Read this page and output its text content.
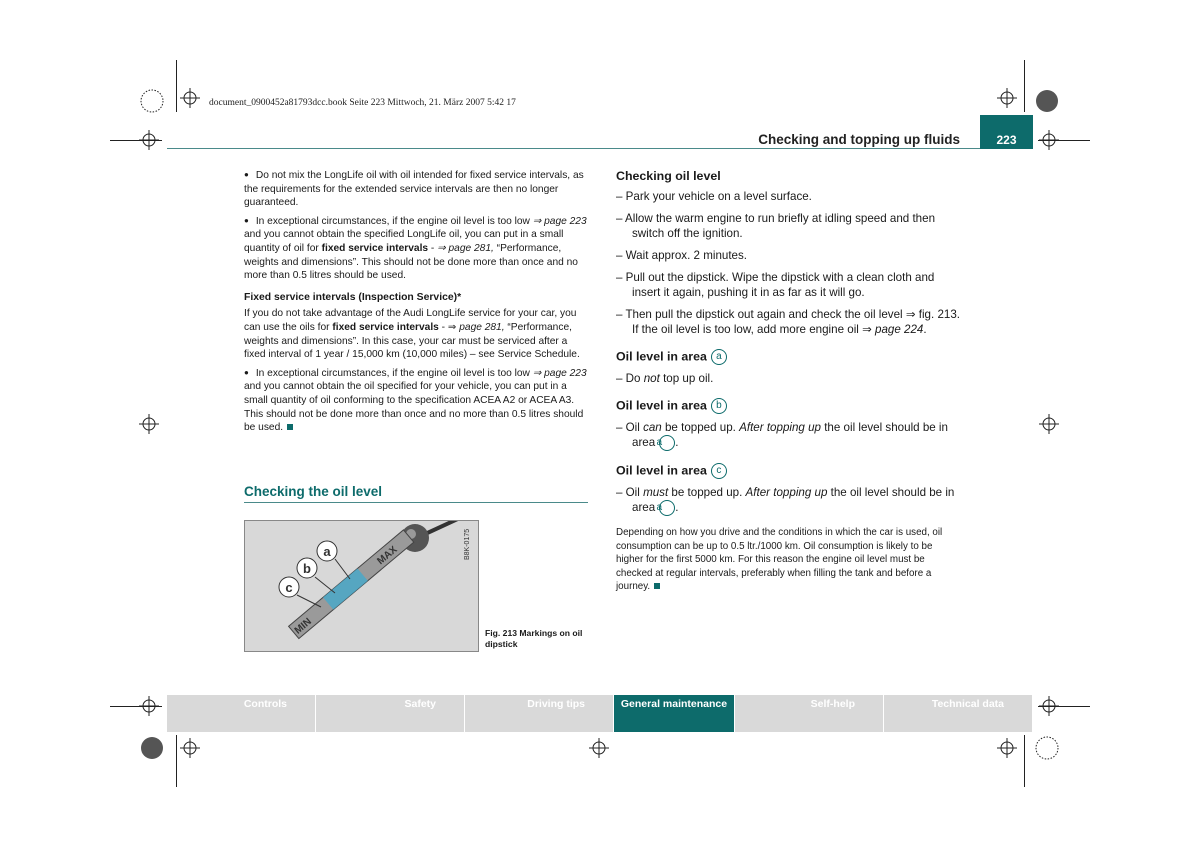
document_0900452a81793dcc.book Seite 223 Mittwoch, 21. März 2007 5:42 17
Checking and topping up fluids	223

● Do not mix the LongLife oil with oil intended for fixed service intervals, as the requirements for the extended service intervals are then no longer guaranteed.

● In exceptional circumstances, if the engine oil level is too low ⇒ page 223 and you cannot obtain the specified LongLife oil, you can put in a small quantity of oil for fixed service intervals - ⇒ page 281, “Performance, weights and dimensions”. This should not be done more than once and no more than 0.5 litres should be used.

Fixed service intervals (Inspection Service)*

If you do not take advantage of the Audi LongLife service for your car, you can use the oils for fixed service intervals - ⇒ page 281, “Performance, weights and dimensions”. In this case, your car must be serviced after a fixed interval of 1 year / 15,000 km (10,000 miles) – see Service Schedule.

● In exceptional circumstances, if the engine oil level is too low ⇒ page 223 and you cannot obtain the oil specified for your vehicle, you can put in a small quantity of oil conforming to the specification ACEA A2 or ACEA A3. This should not be done more than once and no more than 0.5 litres should be used.

Checking the oil level
MAX
MIN
a
b
c
B8K-0175
Fig. 213 Markings on oil dipstick
Checking oil level
– Park your vehicle on a level surface.
– Allow the warm engine to run briefly at idling speed and then switch off the ignition.
– Wait approx. 2 minutes.
– Pull out the dipstick. Wipe the dipstick with a clean cloth and insert it again, pushing it in as far as it will go.
– Then pull the dipstick out again and check the oil level ⇒ fig. 213. If the oil level is too low, add more engine oil ⇒ page 224.
Oil level in area a
– Do not top up oil.
Oil level in area b
– Oil can be topped up. After topping up the oil level should be in areaa .
Oil level in area c
– Oil must be topped up. After topping up the oil level should be in areaa .
Depending on how you drive and the conditions in which the car is used, oil consumption can be up to 0.5 ltr./1000 km. Oil consumption is likely to be higher for the first 5000 km. For this reason the engine oil level must be checked at regular intervals, preferably when filling the tank and before a journey.
Controls	Safety	Driving tips	General maintenance	Self-help	Technical data
